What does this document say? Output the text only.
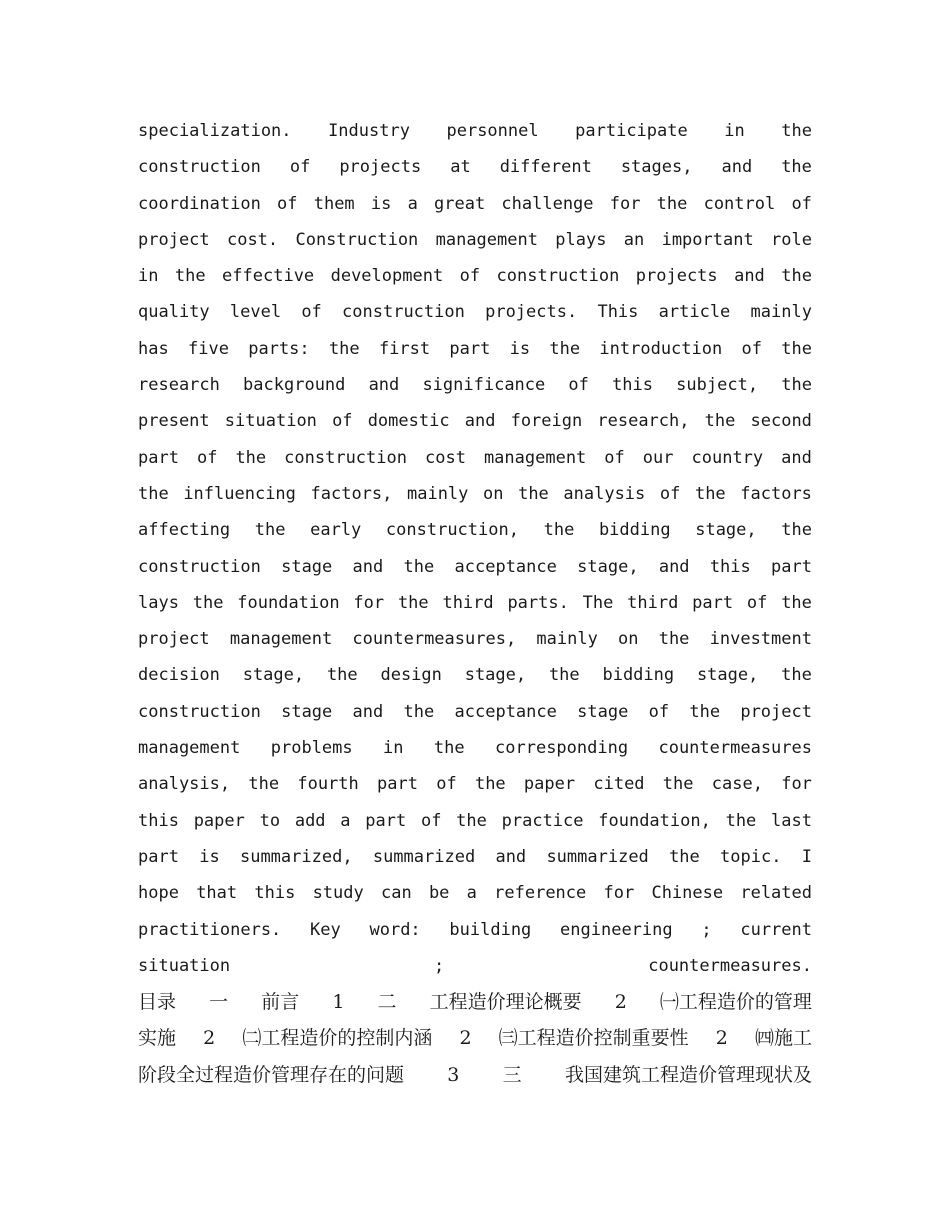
specialization. Industry personnel participate in the
construction of projects at different stages, and the
coordination of them is a great challenge for the control of
project cost. Construction management plays an important role
in the effective development of construction projects and the
quality level of construction projects. This article mainly
has five parts: the first part is the introduction of the
research background and significance of this subject, the
present situation of domestic and foreign research, the second
part of the construction cost management of our country and
the influencing factors, mainly on the analysis of the factors
affecting the early construction, the bidding stage, the
construction stage and the acceptance stage, and this part
lays the foundation for the third parts. The third part of the
project management countermeasures, mainly on the investment
decision stage, the design stage, the bidding stage, the
construction stage and the acceptance stage of the project
management problems in the corresponding countermeasures
analysis, the fourth part of the paper cited the case, for
this paper to add a part of the practice foundation, the last
part is summarized, summarized and summarized the topic. I
hope that this study can be a reference for Chinese related
practitioners. Key word: building engineering ; current
situation	;	countermeasures.
目录 一 前言 1 二 工程造价理论概要 2 ㈠工程造价的管理
实施 2 ㈡工程造价的控制内涵 2 ㈢工程造价控制重要性 2 ㈣施工
阶段全过程造价管理存在的问题 3 三 我国建筑工程造价管理现状及
